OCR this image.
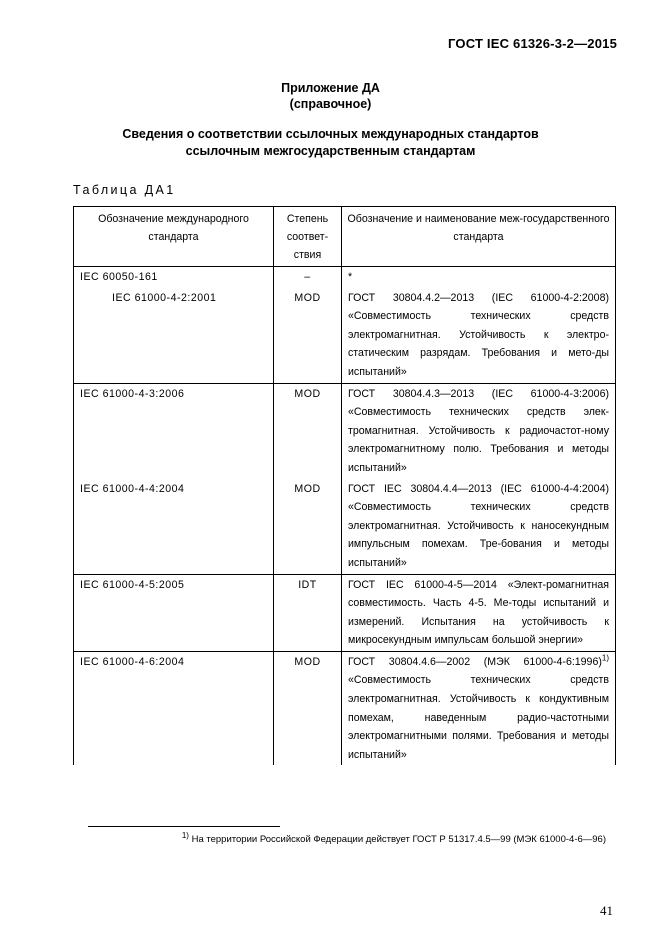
ГОСТ IEC 61326-3-2—2015
Приложение ДА
(справочное)
Сведения о соответствии ссылочных международных стандартов
ссылочным межгосударственным стандартам
Таблица ДА1
Обозначение международного стандарта	Степень соответ-ствия	Обозначение и наименование меж-государственного стандарта
IEC 60050-161	–	*
IEC 61000-4-2:2001	MOD	ГОСТ 30804.4.2—2013 (IEC 61000-4-2:2008) «Совместимость технических средств электромагнитная. Устойчивость к электро-статическим разрядам. Требования и мето-ды испытаний»
IEC 61000-4-3:2006	MOD	ГОСТ 30804.4.3—2013 (IEC 61000-4-3:2006) «Совместимость технических средств элек-тромагнитная. Устойчивость к радиочастот-ному электромагнитному полю. Требования и методы испытаний»
IEC 61000-4-4:2004	MOD	ГОСТ IEC 30804.4.4—2013 (IEC 61000-4-4:2004) «Совместимость технических средств электромагнитная. Устойчивость к наносекундным импульсным помехам. Тре-бования и методы испытаний»
IEC 61000-4-5:2005	IDT	ГОСТ IEC 61000-4-5—2014 «Элект-ромагнитная совместимость. Часть 4-5. Ме-тоды испытаний и измерений. Испытания на устойчивость к микросекундным импульсам большой энергии»
IEC 61000-4-6:2004	MOD	ГОСТ 30804.4.6—2002 (МЭК 61000-4-6:1996)$^{1)}$ «Совместимость технических средств электромагнитная. Устойчивость к кондуктивным помехам, наведенным радио-частотными электромагнитными полями. Требования и методы испытаний»
$^{1)}$ На территории Российской Федерации действует ГОСТ Р 51317.4.5—99 (МЭК 61000-4-6—96)
41
